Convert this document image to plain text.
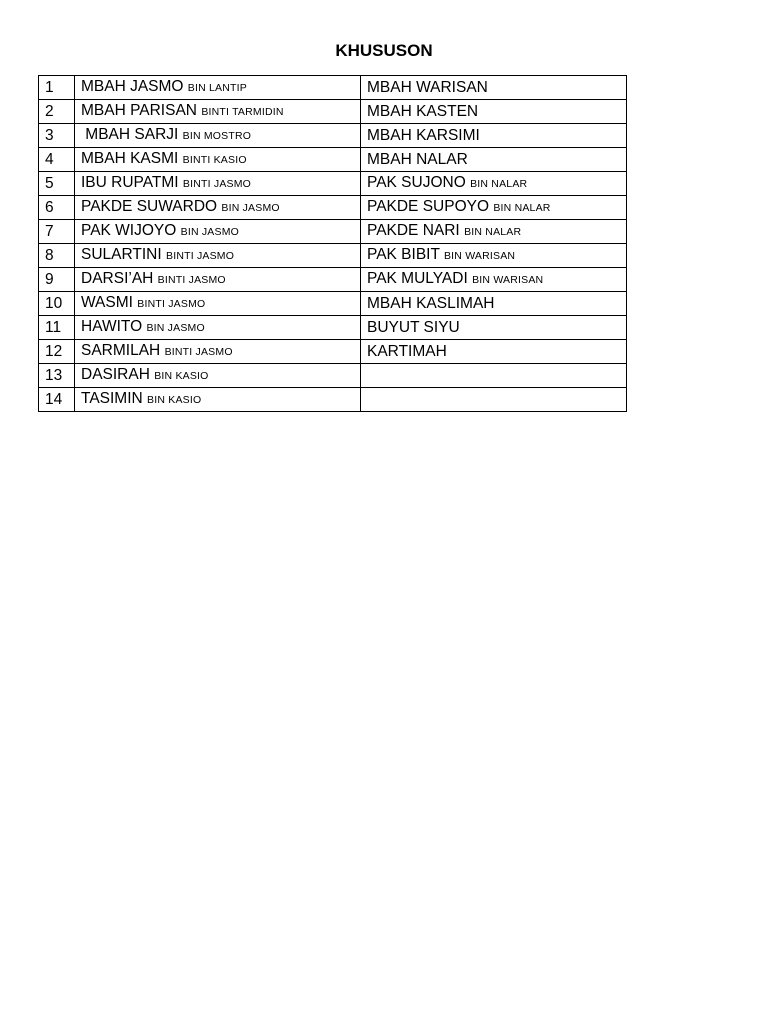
KHUSUSON
1	MBAH JASMO BIN LANTIP	MBAH WARISAN
2	MBAH PARISAN BINTI TARMIDIN	MBAH KASTEN
3	MBAH SARJI BIN MOSTRO	MBAH KARSIMI
4	MBAH KASMI BINTI KASIO	MBAH NALAR
5	IBU RUPATMI BINTI JASMO	PAK SUJONO BIN NALAR
6	PAKDE SUWARDO BIN JASMO	PAKDE SUPOYO BIN NALAR
7	PAK WIJOYO BIN JASMO	PAKDE NARI BIN NALAR
8	SULARTINI BINTI JASMO	PAK BIBIT BIN WARISAN
9	DARSI’AH BINTI JASMO	PAK MULYADI BIN WARISAN
10	WASMI BINTI JASMO	MBAH KASLIMAH
11	HAWITO BIN JASMO	BUYUT SIYU
12	SARMILAH BINTI JASMO	KARTIMAH
13	DASIRAH BIN KASIO	
14	TASIMIN BIN KASIO	
